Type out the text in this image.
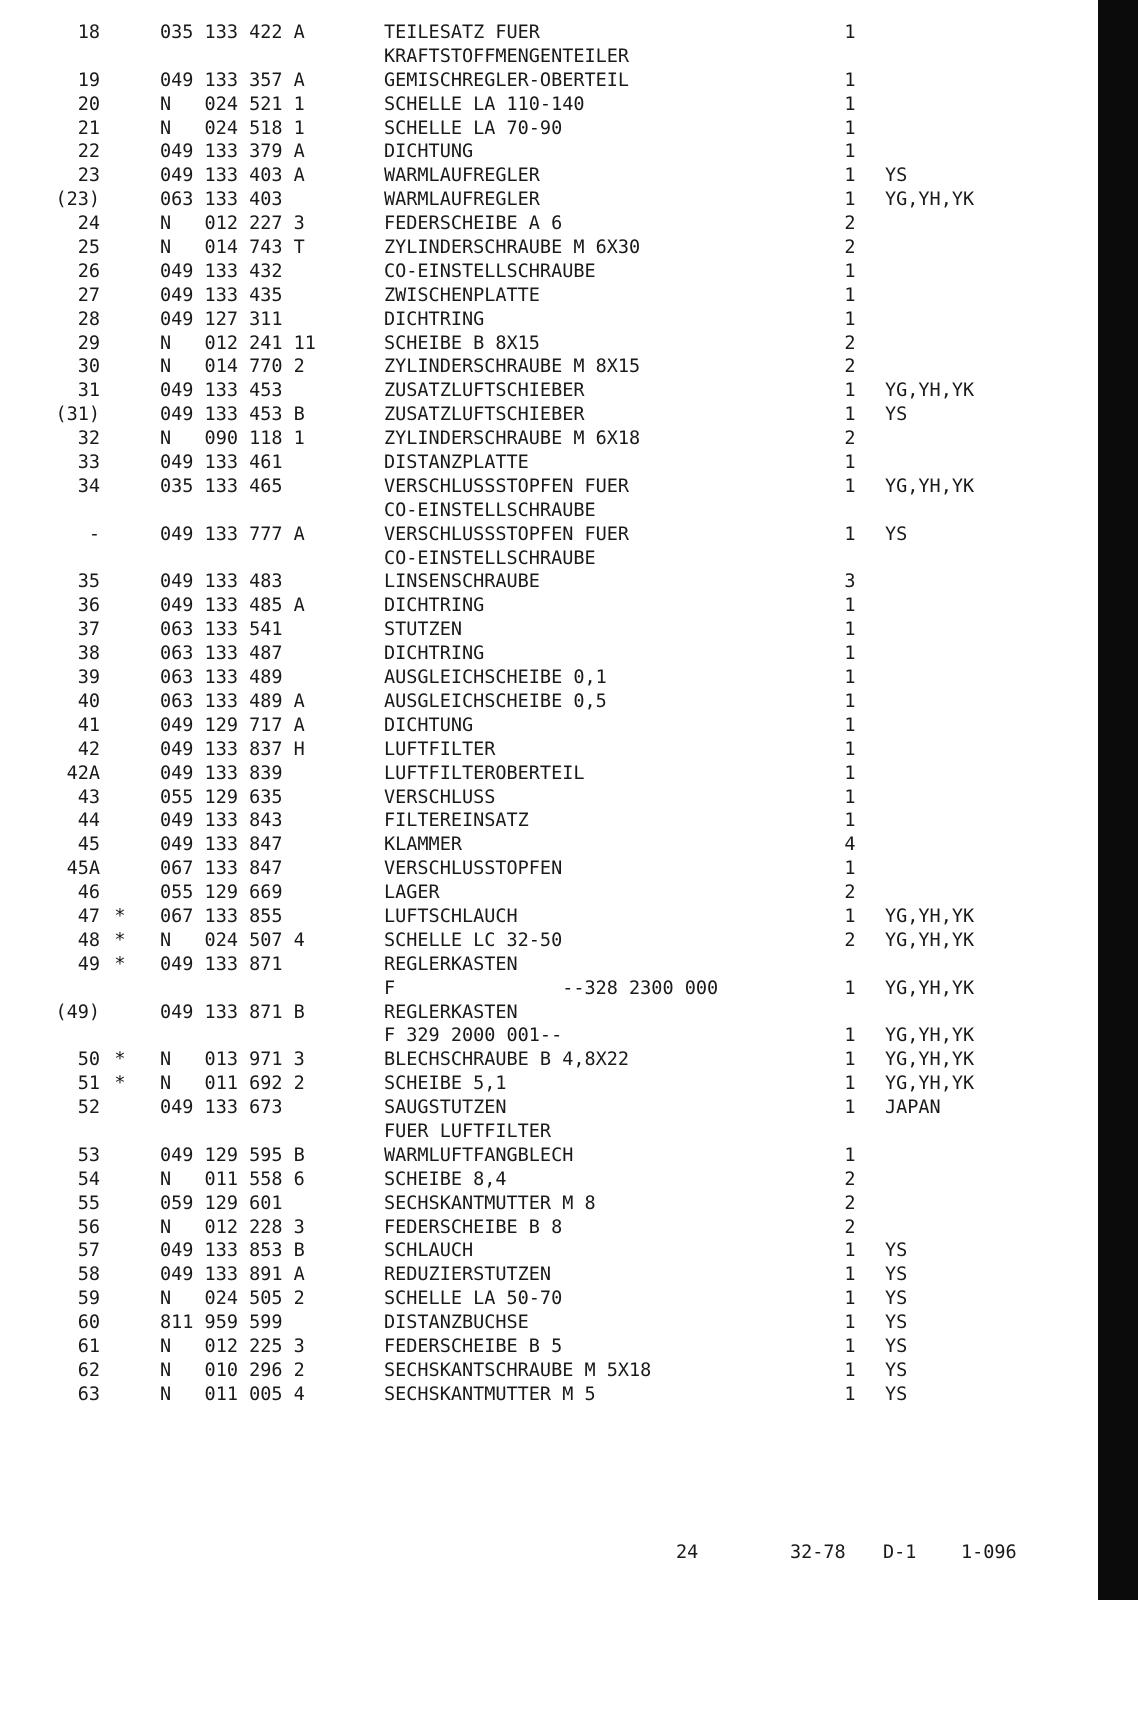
18	035 133 422 A	TEILESATZ FUER	1
KRAFTSTOFFMENGENTEILER
19	049 133 357 A	GEMISCHREGLER-OBERTEIL	1
20	N   024 521 1	SCHELLE LA 110-140	1
21	N   024 518 1	SCHELLE LA 70-90	1
22	049 133 379 A	DICHTUNG	1
23	049 133 403 A	WARMLAUFREGLER	1	YS
(23)	063 133 403	WARMLAUFREGLER	1	YG,YH,YK
24	N   012 227 3	FEDERSCHEIBE A 6	2
25	N   014 743 T	ZYLINDERSCHRAUBE M 6X30	2
26	049 133 432	CO-EINSTELLSCHRAUBE	1
27	049 133 435	ZWISCHENPLATTE	1
28	049 127 311	DICHTRING	1
29	N   012 241 11	SCHEIBE B 8X15	2
30	N   014 770 2	ZYLINDERSCHRAUBE M 8X15	2
31	049 133 453	ZUSATZLUFTSCHIEBER	1	YG,YH,YK
(31)	049 133 453 B	ZUSATZLUFTSCHIEBER	1	YS
32	N   090 118 1	ZYLINDERSCHRAUBE M 6X18	2
33	049 133 461	DISTANZPLATTE	1
34	035 133 465	VERSCHLUSSSTOPFEN FUER	1	YG,YH,YK
CO-EINSTELLSCHRAUBE
-	049 133 777 A	VERSCHLUSSSTOPFEN FUER	1	YS
CO-EINSTELLSCHRAUBE
35	049 133 483	LINSENSCHRAUBE	3
36	049 133 485 A	DICHTRING	1
37	063 133 541	STUTZEN	1
38	063 133 487	DICHTRING	1
39	063 133 489	AUSGLEICHSCHEIBE 0,1	1
40	063 133 489 A	AUSGLEICHSCHEIBE 0,5	1
41	049 129 717 A	DICHTUNG	1
42	049 133 837 H	LUFTFILTER	1
42A	049 133 839	LUFTFILTEROBERTEIL	1
43	055 129 635	VERSCHLUSS	1
44	049 133 843	FILTEREINSATZ	1
45	049 133 847	KLAMMER	4
45A	067 133 847	VERSCHLUSSTOPFEN	1
46	055 129 669	LAGER	2
47 * 067 133 855	LUFTSCHLAUCH	1	YG,YH,YK
48 * N   024 507 4	SCHELLE LC 32-50	2	YG,YH,YK
49 * 049 133 871	REGLERKASTEN
F               --328 2300 000	1	YG,YH,YK
(49)	049 133 871 B	REGLERKASTEN
F 329 2000 001--	1	YG,YH,YK
50 * N   013 971 3	BLECHSCHRAUBE B 4,8X22	1	YG,YH,YK
51 * N   011 692 2	SCHEIBE 5,1	1	YG,YH,YK
52	049 133 673	SAUGSTUTZEN	1	JAPAN
FUER LUFTFILTER
53	049 129 595 B	WARMLUFTFANGBLECH	1
54	N   011 558 6	SCHEIBE 8,4	2
55	059 129 601	SECHSKANTMUTTER M 8	2
56	N   012 228 3	FEDERSCHEIBE B 8	2
57	049 133 853 B	SCHLAUCH	1	YS
58	049 133 891 A	REDUZIERSTUTZEN	1	YS
59	N   024 505 2	SCHELLE LA 50-70	1	YS
60	811 959 599	DISTANZBUCHSE	1	YS
61	N   012 225 3	FEDERSCHEIBE B 5	1	YS
62	N   010 296 2	SECHSKANTSCHRAUBE M 5X18	1	YS
63	N   011 005 4	SECHSKANTMUTTER M 5	1	YS

24

	32-78

D-1

1-096
